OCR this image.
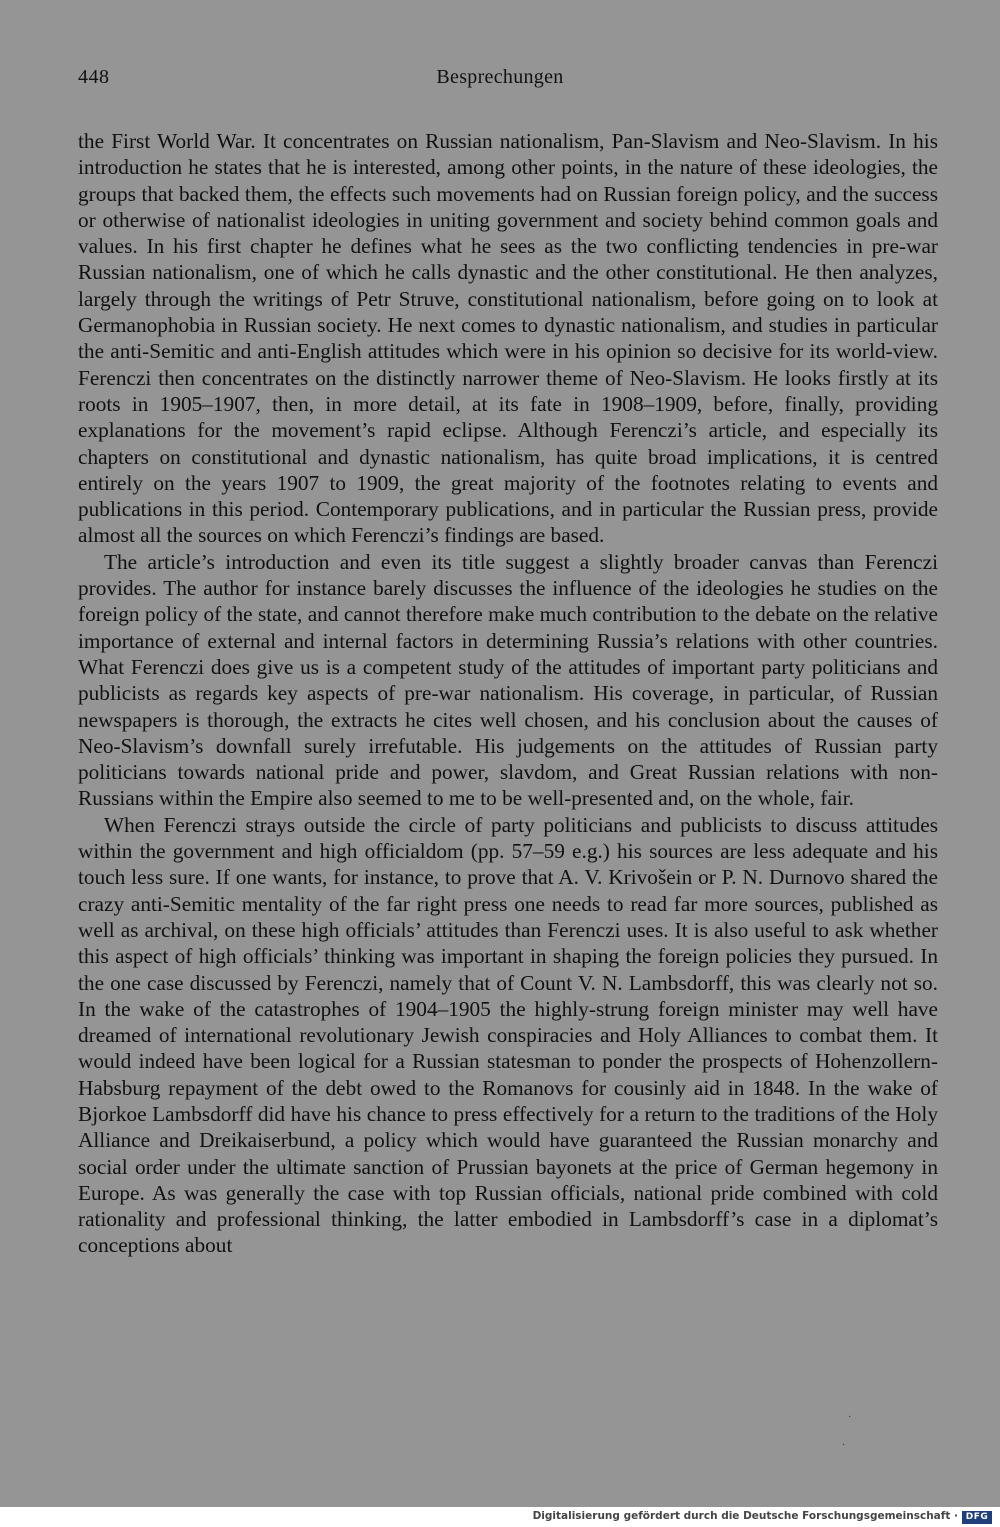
448	Besprechungen

the First World War. It concentrates on Russian nationalism, Pan-Slavism and Neo-Slavism. In his introduction he states that he is interested, among other points, in the nature of these ideologies, the groups that backed them, the effects such movements had on Russian foreign policy, and the success or otherwise of nationalist ideologies in uniting government and society behind common goals and values. In his first chapter he defines what he sees as the two conflicting tendencies in pre-war Russian nationalism, one of which he calls dynastic and the other constitutional. He then analyzes, largely through the writings of Petr Struve, constitutional nationalism, before going on to look at Germanophobia in Russian society. He next comes to dynastic nationalism, and studies in particular the anti-Semitic and anti-English attitudes which were in his opinion so decisive for its world-view. Ferenczi then concentrates on the distinctly narrower theme of Neo-Slavism. He looks firstly at its roots in 1905–1907, then, in more detail, at its fate in 1908–1909, before, finally, providing explanations for the movement’s rapid eclipse. Although Ferenczi’s article, and especially its chapters on constitutional and dynastic nationalism, has quite broad implications, it is centred entirely on the years 1907 to 1909, the great majority of the footnotes relating to events and publications in this period. Contemporary publications, and in particular the Russian press, provide almost all the sources on which Ferenczi’s findings are based.

The article’s introduction and even its title suggest a slightly broader canvas than Ferenczi provides. The author for instance barely discusses the influence of the ideologies he studies on the foreign policy of the state, and cannot therefore make much contribution to the debate on the relative importance of external and internal factors in determining Russia’s relations with other countries. What Ferenczi does give us is a competent study of the attitudes of important party politicians and publicists as regards key aspects of pre-war nationalism. His coverage, in particular, of Russian newspapers is thorough, the extracts he cites well chosen, and his conclusion about the causes of Neo-Slavism’s downfall surely irrefutable. His judgements on the attitudes of Russian party politicians towards national pride and power, slavdom, and Great Russian relations with non-Russians within the Empire also seemed to me to be well-presented and, on the whole, fair.

When Ferenczi strays outside the circle of party politicians and publicists to discuss attitudes within the government and high officialdom (pp. 57–59 e.g.) his sources are less adequate and his touch less sure. If one wants, for instance, to prove that A. V. Krivošein or P. N. Durnovo shared the crazy anti-Semitic mentality of the far right press one needs to read far more sources, published as well as archival, on these high officials’ attitudes than Ferenczi uses. It is also useful to ask whether this aspect of high officials’ thinking was important in shaping the foreign policies they pursued. In the one case discussed by Ferenczi, namely that of Count V. N. Lambsdorff, this was clearly not so. In the wake of the catastrophes of 1904–1905 the highly-strung foreign minister may well have dreamed of international revolutionary Jewish conspiracies and Holy Alliances to combat them. It would indeed have been logical for a Russian statesman to ponder the prospects of Hohenzollern-Habsburg repayment of the debt owed to the Romanovs for cousinly aid in 1848. In the wake of Bjorkoe Lambsdorff did have his chance to press effectively for a return to the traditions of the Holy Alliance and Dreikaiserbund, a policy which would have guaranteed the Russian monarchy and social order under the ultimate sanction of Prussian bayonets at the price of German hegemony in Europe. As was generally the case with top Russian officials, national pride combined with cold rationality and professional thinking, the latter embodied in Lambsdorff’s case in a diplomat’s conceptions about

·
·
Digitalisierung gefördert durch die Deutsche Forschungsgemeinschaft · DFG
